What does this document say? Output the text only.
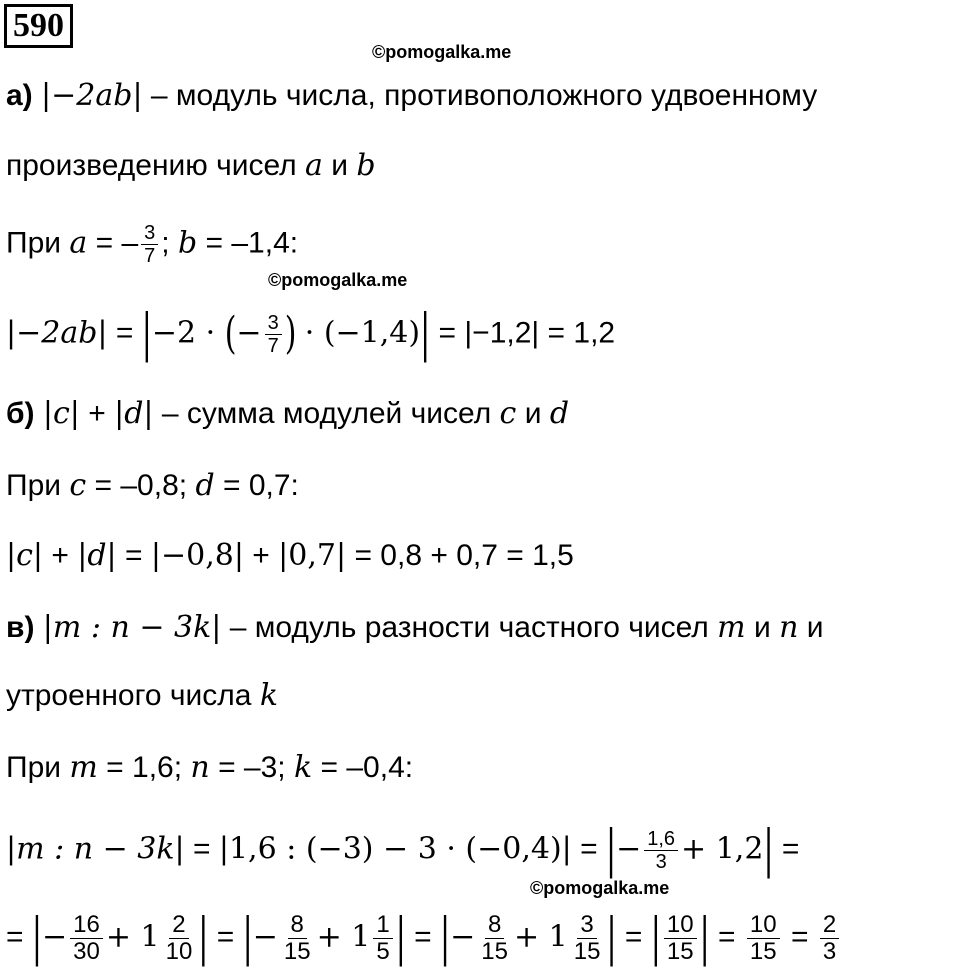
590
©pomogalka.me
©pomogalka.me
©pomogalka.me
а) |−2ab| – модуль числа, противоположного удвоенному
произведению чисел a и b
При a = – $\frac{3}{7}$ ; b = –1,4:
|−2ab| = |−2 · (− $\frac{3}{7}$ ) · (−1,4)| = |−1,2| = 1,2
б) |c| + |d| – сумма модулей чисел c и d
При c = –0,8; d = 0,7:
|c| + |d| = |−0,8| + |0,7| = 0,8 + 0,7 = 1,5
в) |m : n − 3k| – модуль разности частного чисел m и n и
утроенного числа k
При m = 1,6; n = –3; k = –0,4:
|m : n − 3k| = |1,6 : (−3) − 3 · (−0,4)| = |− $\frac{1,6}{3} + 1,2|$ =
= |− $\frac{16}{30} + 1 \frac{2}{10}$ | = |− $\frac{8}{15} + 1 \frac{1}{5}$ | = |− $\frac{8}{15} + 1 \frac{3}{15}$ | = | $\frac{10}{15}$ | = $\frac{10}{15} = \frac{2}{3}$
